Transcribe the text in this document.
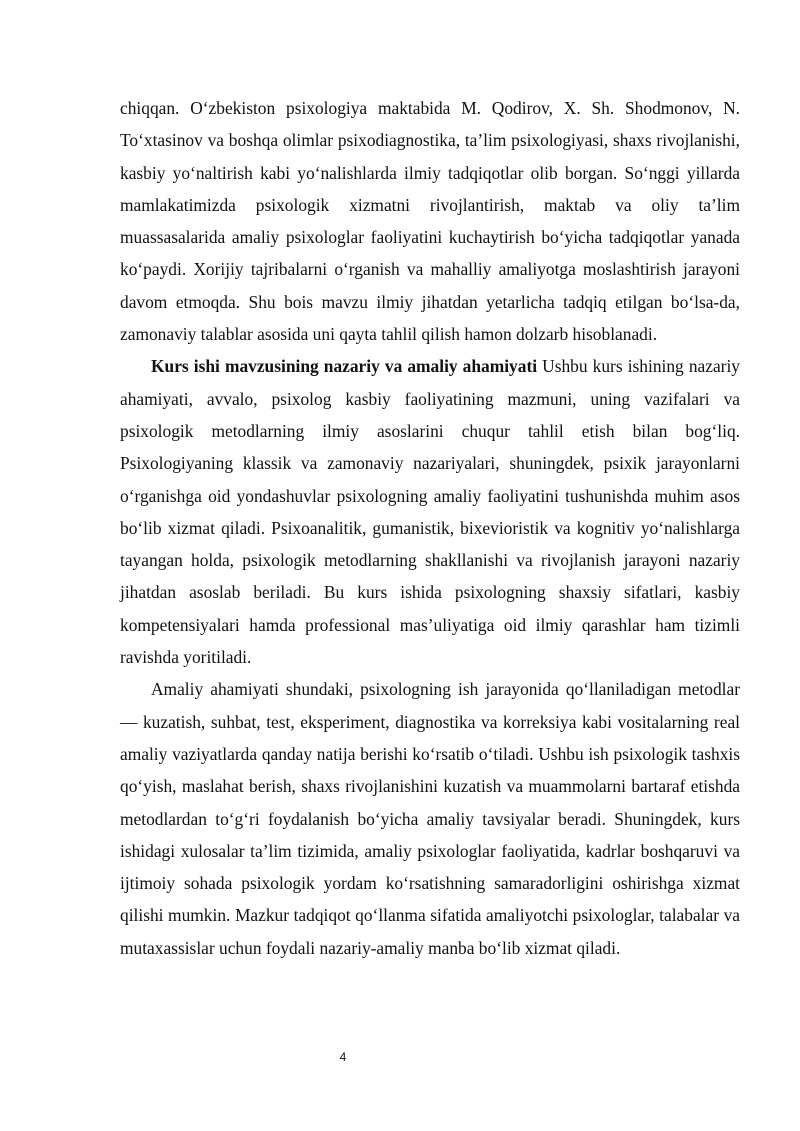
chiqqan. O‘zbekiston psixologiya maktabida M. Qodirov, X. Sh. Shodmonov, N. To‘xtasinov va boshqa olimlar psixodiagnostika, ta’lim psixologiyasi, shaxs rivojlanishi, kasbiy yo‘naltirish kabi yo‘nalishlarda ilmiy tadqiqotlar olib borgan. So‘nggi yillarda mamlakatimizda psixologik xizmatni rivojlantirish, maktab va oliy ta’lim muassasalarida amaliy psixologlar faoliyatini kuchaytirish bo‘yicha tadqiqotlar yanada ko‘paydi. Xorijiy tajribalarni o‘rganish va mahalliy amaliyotga moslashtirish jarayoni davom etmoqda. Shu bois mavzu ilmiy jihatdan yetarlicha tadqiq etilgan bo‘lsa-da, zamonaviy talablar asosida uni qayta tahlil qilish hamon dolzarb hisoblanadi.

Kurs ishi mavzusining nazariy va amaliy ahamiyati Ushbu kurs ishining nazariy ahamiyati, avvalo, psixolog kasbiy faoliyatining mazmuni, uning vazifalari va psixologik metodlarning ilmiy asoslarini chuqur tahlil etish bilan bog‘liq. Psixologiyaning klassik va zamonaviy nazariyalari, shuningdek, psixik jarayonlarni o‘rganishga oid yondashuvlar psixologning amaliy faoliyatini tushunishda muhim asos bo‘lib xizmat qiladi. Psixoanalitik, gumanistik, bixevioristik va kognitiv yo‘nalishlarga tayangan holda, psixologik metodlarning shakllanishi va rivojlanish jarayoni nazariy jihatdan asoslab beriladi. Bu kurs ishida psixologning shaxsiy sifatlari, kasbiy kompetensiyalari hamda professional mas’uliyatiga oid ilmiy qarashlar ham tizimli ravishda yoritiladi.

Amaliy ahamiyati shundaki, psixologning ish jarayonida qo‘llaniladigan metodlar — kuzatish, suhbat, test, eksperiment, diagnostika va korreksiya kabi vositalarning real amaliy vaziyatlarda qanday natija berishi ko‘rsatib o‘tiladi. Ushbu ish psixologik tashxis qo‘yish, maslahat berish, shaxs rivojlanishini kuzatish va muammolarni bartaraf etishda metodlardan to‘g‘ri foydalanish bo‘yicha amaliy tavsiyalar beradi. Shuningdek, kurs ishidagi xulosalar ta’lim tizimida, amaliy psixologlar faoliyatida, kadrlar boshqaruvi va ijtimoiy sohada psixologik yordam ko‘rsatishning samaradorligini oshirishga xizmat qilishi mumkin. Mazkur tadqiqot qo‘llanma sifatida amaliyotchi psixologlar, talabalar va mutaxassislar uchun foydali nazariy-amaliy manba bo‘lib xizmat qiladi.

4
